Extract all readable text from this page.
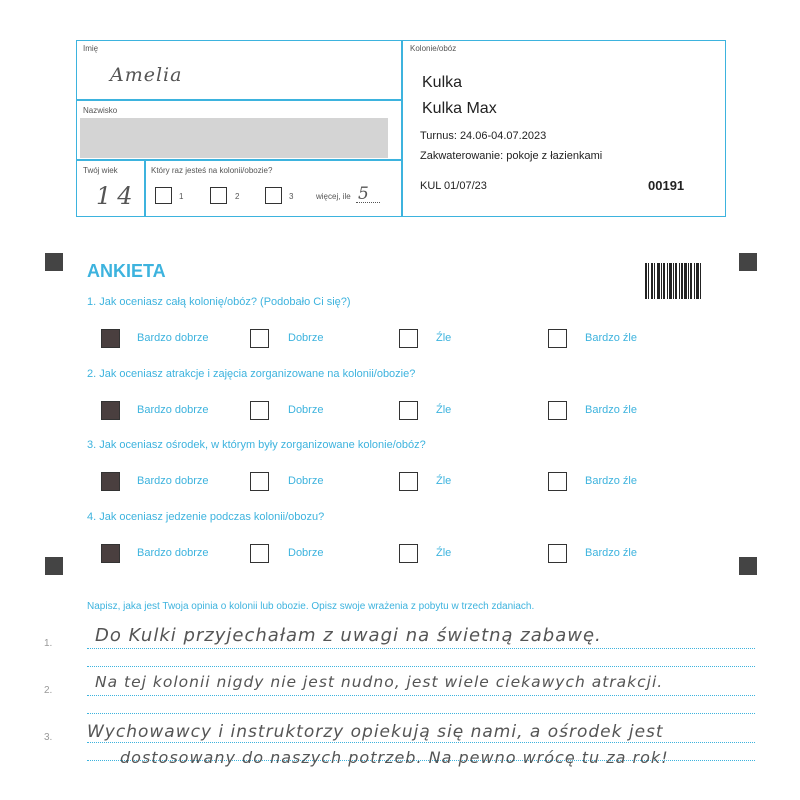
Imię
Amelia
Nazwisko
Twój wiek
14
Który raz jesteś na kolonii/obozie?
1	2	3	więcej, ile 5
Kolonie/obóz
Kulka
Kulka Max
Turnus: 24.06-04.07.2023
Zakwaterowanie: pokoje z łazienkami
KUL 01/07/23	00191
ANKIETA
1. Jak oceniasz całą kolonię/obóz? (Podobało Ci się?)
2. Jak oceniasz atrakcje i zajęcia zorganizowane na kolonii/obozie?
3. Jak oceniasz ośrodek, w którym były zorganizowane kolonie/obóz?
4. Jak oceniasz jedzenie podczas kolonii/obozu?
Bardzo dobrze	Dobrze	Źle	Bardzo źle
Bardzo dobrze	Dobrze	Źle	Bardzo źle
Bardzo dobrze	Dobrze	Źle	Bardzo źle
Bardzo dobrze	Dobrze	Źle	Bardzo źle
Napisz, jaka jest Twoja opinia o kolonii lub obozie. Opisz swoje wrażenia z pobytu w trzech zdaniach.
1.
2.
3.
Do Kulki przyjechałam z uwagi na świetną zabawę.
Na tej kolonii nigdy nie jest nudno, jest wiele ciekawych atrakcji.
Wychowawcy i instruktorzy opiekują się nami, a ośrodek jest
dostosowany do naszych potrzeb. Na pewno wrócę tu za rok!
